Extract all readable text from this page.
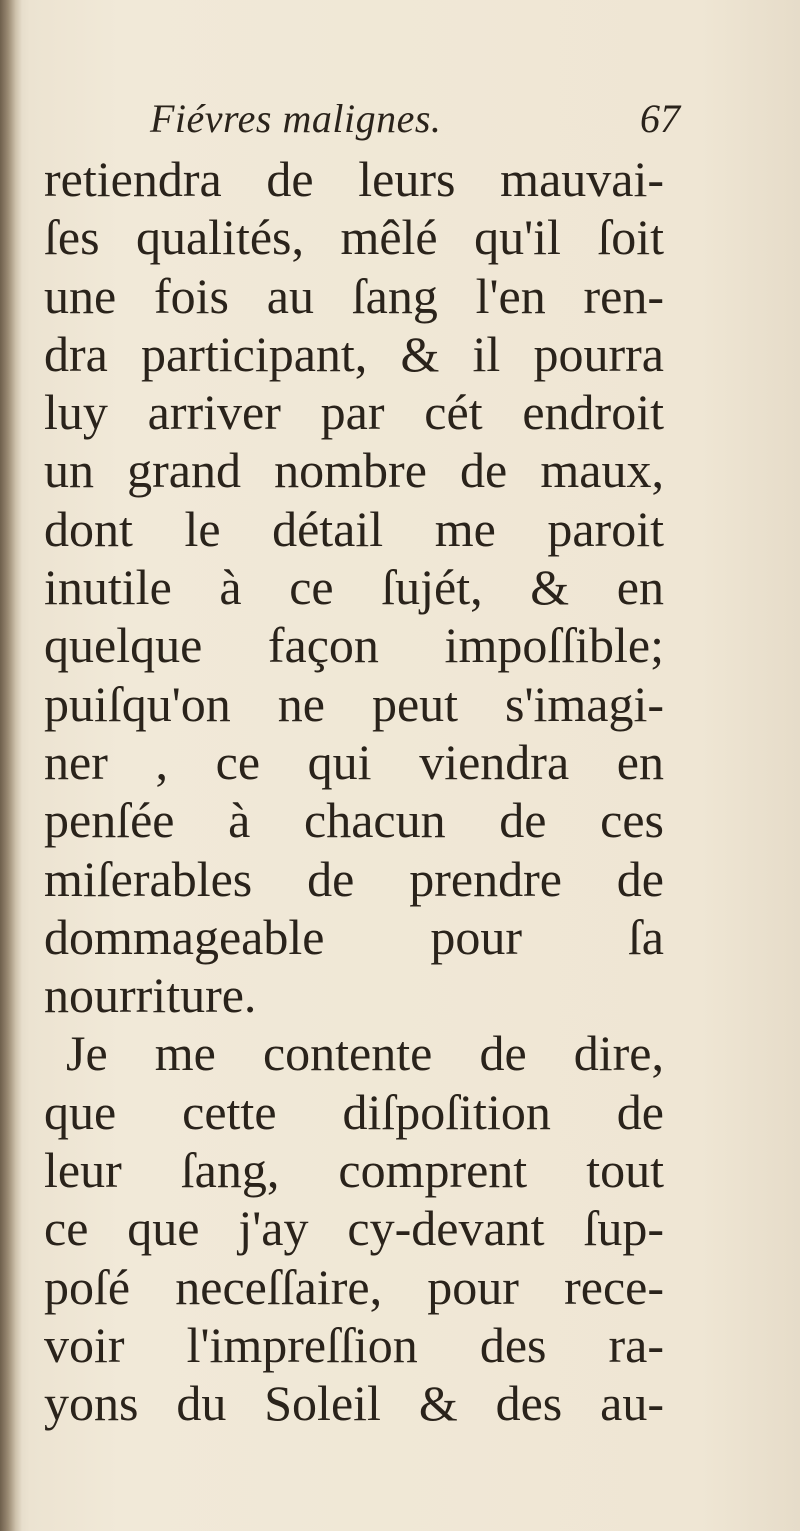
Fiévres malignes.	67
retiendra de leurs mauvai-
ſes qualités, mêlé qu'il ſoit
une fois au ſang l'en ren-
dra participant, & il pourra
luy arriver par cét endroit
un grand nombre de maux,
dont le détail me paroit
inutile à ce ſujét, & en
quelque façon impoſſible;
puiſqu'on ne peut s'imagi-
ner , ce qui viendra en
penſée à chacun de ces
miſerables de prendre de
dommageable pour ſa
nourriture.
Je me contente de dire,
que cette diſpoſition de
leur ſang, comprent tout
ce que j'ay cy-devant ſup-
poſé neceſſaire, pour rece-
voir l'impreſſion des ra-
yons du Soleil & des au-
